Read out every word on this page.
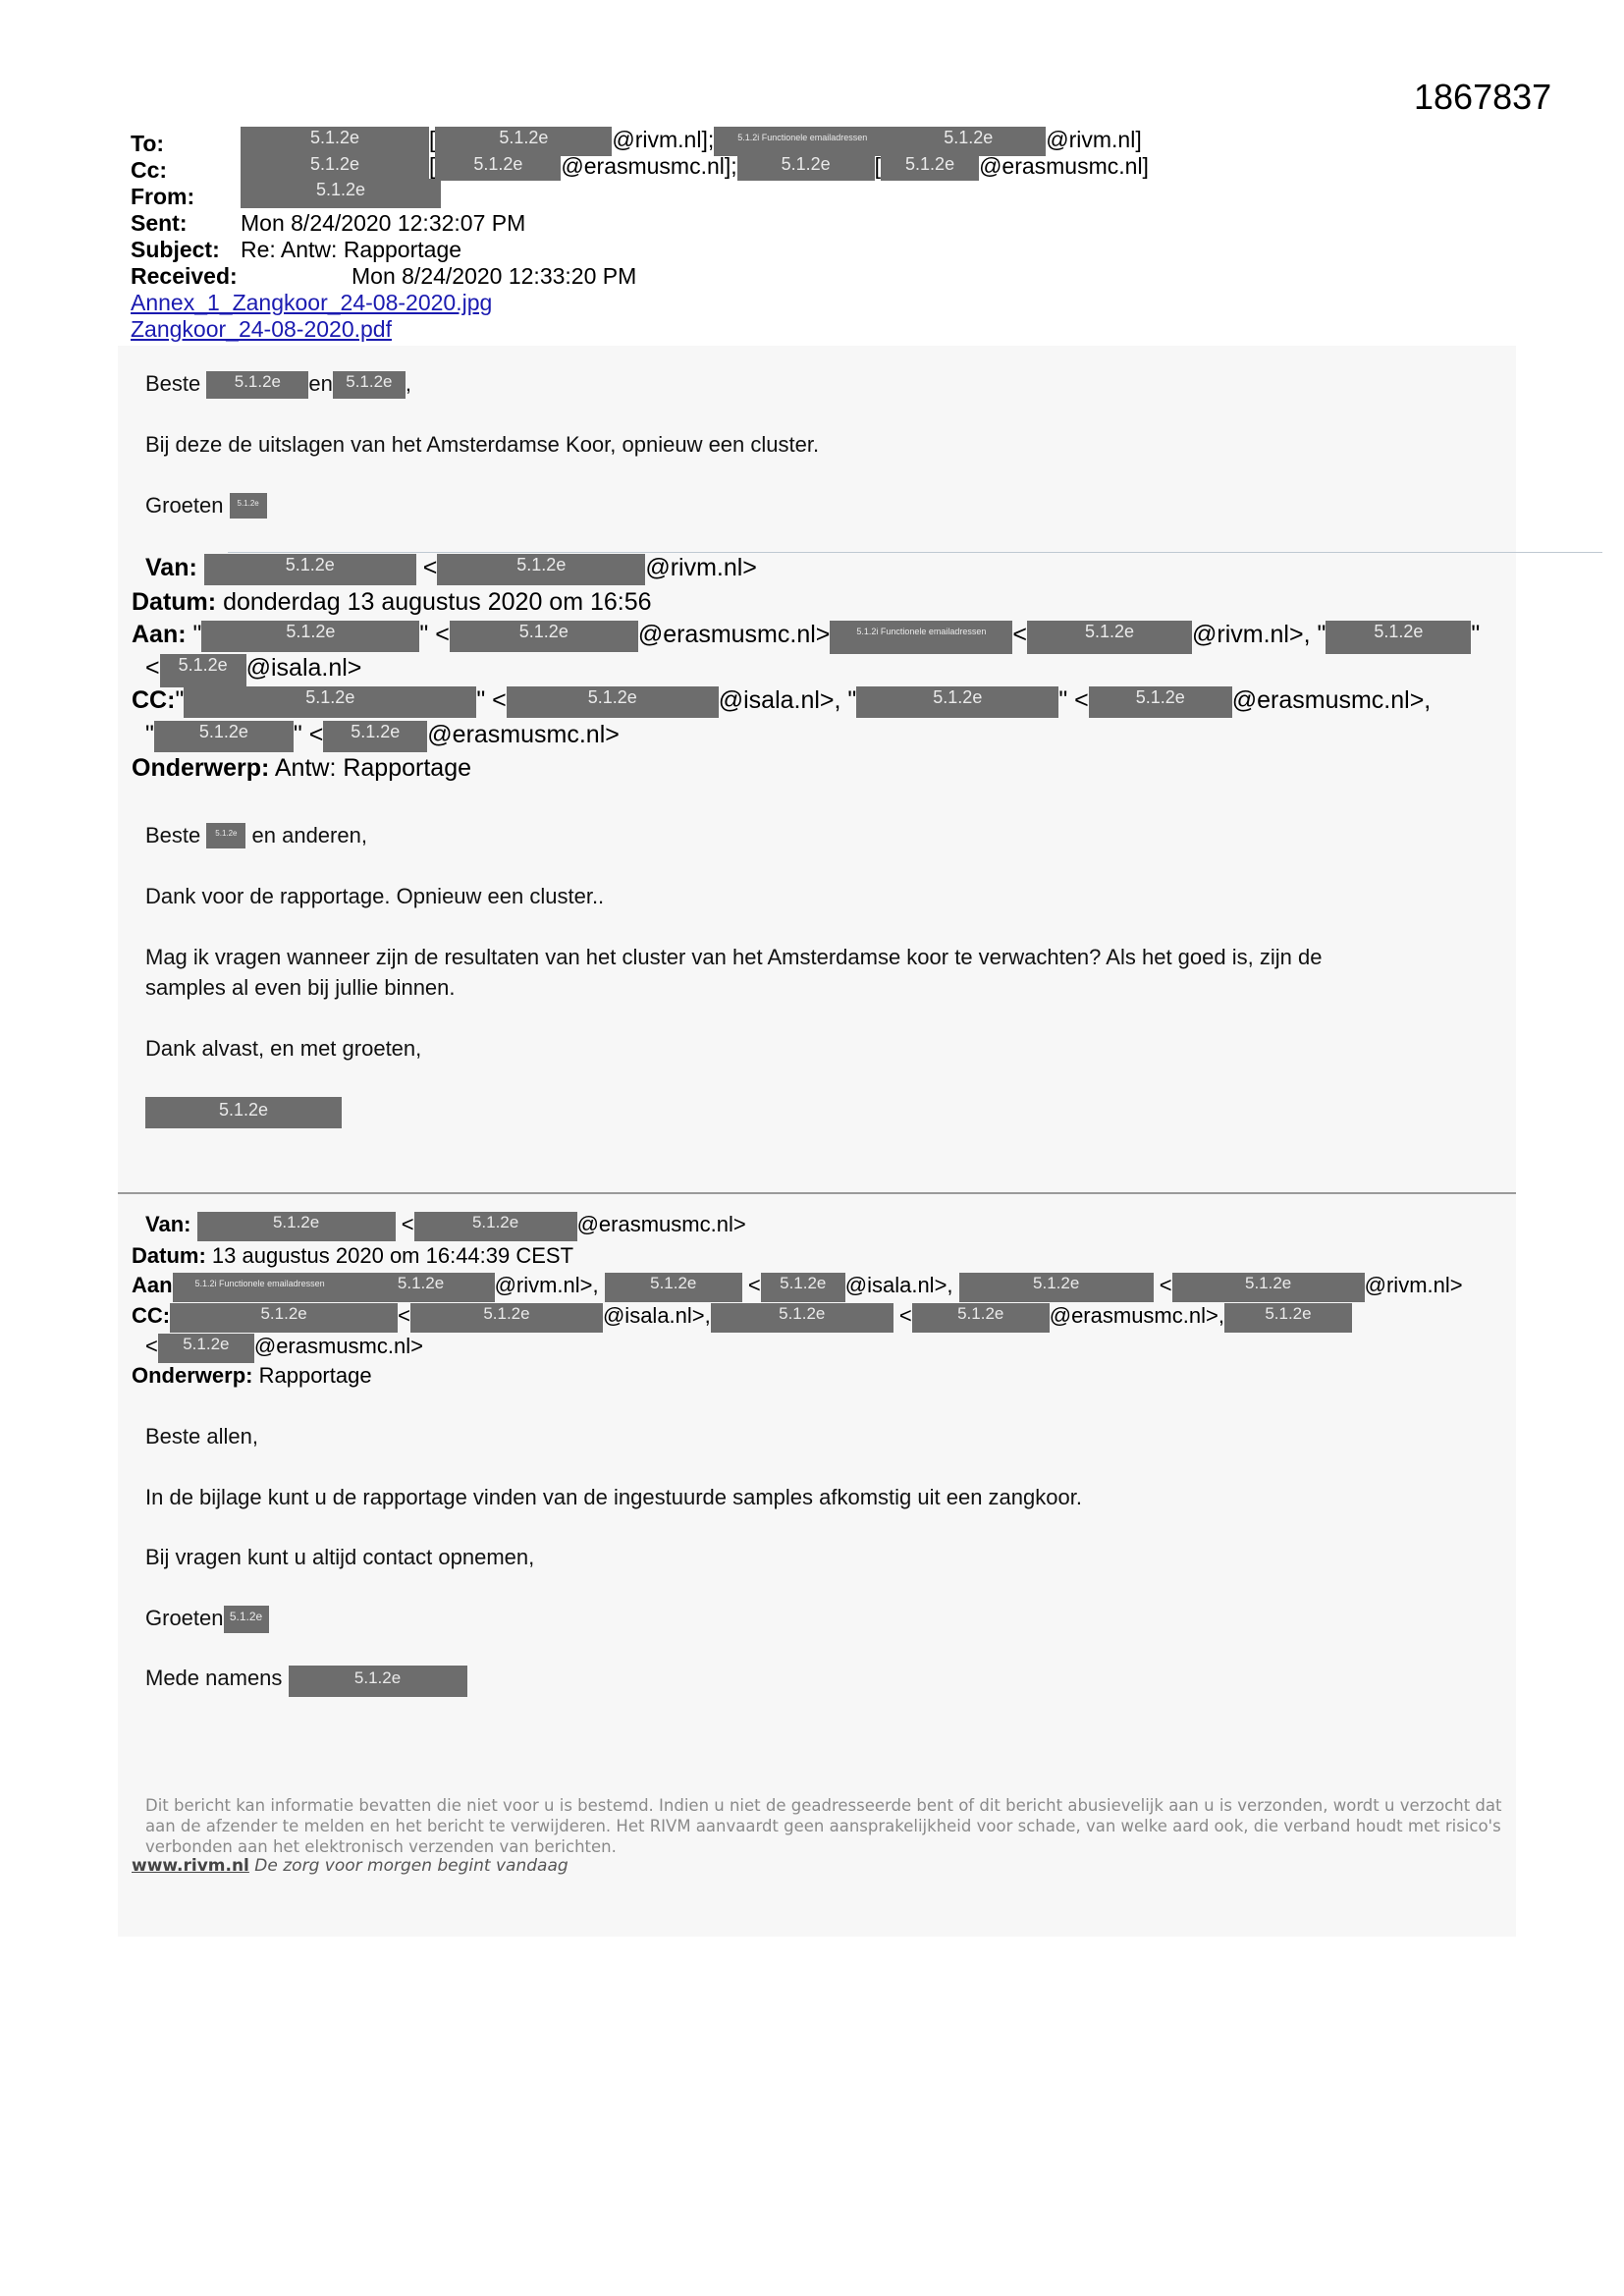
1867837
To:	5.1.2e	[	5.1.2e	@rivm.nl];	5.1.2i Functionele emailadressen	5.1.2e @rivm.nl]
Cc:	5.1.2e	[ 5.1.2e @erasmusmc.nl]; 5.1.2e [ 5.1.2e @erasmusmc.nl]
From:	5.1.2e
Sent: Mon 8/24/2020 12:32:07 PM
Subject: Re: Antw: Rapportage
Received:	Mon 8/24/2020 12:33:20 PM
Annex_1_Zangkoor_24-08-2020.jpg
Zangkoor_24-08-2020.pdf
Beste 5.1.2e en 5.1.2e ,
Bij deze de uitslagen van het Amsterdamse Koor, opnieuw een cluster.
Groeten 5.1.2e
Van:	5.1.2e	<	5.1.2e	@rivm.nl>
Datum: donderdag 13 augustus 2020 om 16:56
Aan: "	5.1.2e	" <	5.1.2e	@erasmusmc.nl>	5.1.2i Functionele emailadressen <	5.1.2e @rivm.nl>, "	5.1.2e "
< 5.1.2e @isala.nl>
CC:"	5.1.2e	" <	5.1.2e	@isala.nl>, "	5.1.2e	" <	5.1.2e @erasmusmc.nl>,
"	5.1.2e " < 5.1.2e @erasmusmc.nl>
Onderwerp: Antw: Rapportage
Beste 5.1.2e en anderen,
Dank voor de rapportage. Opnieuw een cluster..
Mag ik vragen wanneer zijn de resultaten van het cluster van het Amsterdamse koor te verwachten? Als het goed is, zijn de
samples al even bij jullie binnen.
Dank alvast, en met groeten,
5.1.2e
Van:	5.1.2e	<	5.1.2e	@erasmusmc.nl>
Datum: 13 augustus 2020 om 16:44:39 CEST
Aan	5.1.2i Functionele emailadressen	5.1.2e @rivm.nl>,	5.1.2e < 5.1.2e @isala.nl>,	5.1.2e	<	5.1.2e	@rivm.nl>
CC:	5.1.2e	<	5.1.2e	@isala.nl>,	5.1.2e	<	5.1.2e @erasmusmc.nl>, 5.1.2e
< 5.1.2e @erasmusmc.nl>
Onderwerp: Rapportage
Beste allen,
In de bijlage kunt u de rapportage vinden van de ingestuurde samples afkomstig uit een zangkoor.
Bij vragen kunt u altijd contact opnemen,
Groeten 5.1.2e
Mede namens	5.1.2e
Dit bericht kan informatie bevatten die niet voor u is bestemd. Indien u niet de geadresseerde bent of dit bericht abusievelijk aan u is verzonden, wordt u verzocht dat aan de afzender te melden en het bericht te verwijderen. Het RIVM aanvaardt geen aansprakelijkheid voor schade, van welke aard ook, die verband houdt met risico's verbonden aan het elektronisch verzenden van berichten.
www.rivm.nl De zorg voor morgen begint vandaag
